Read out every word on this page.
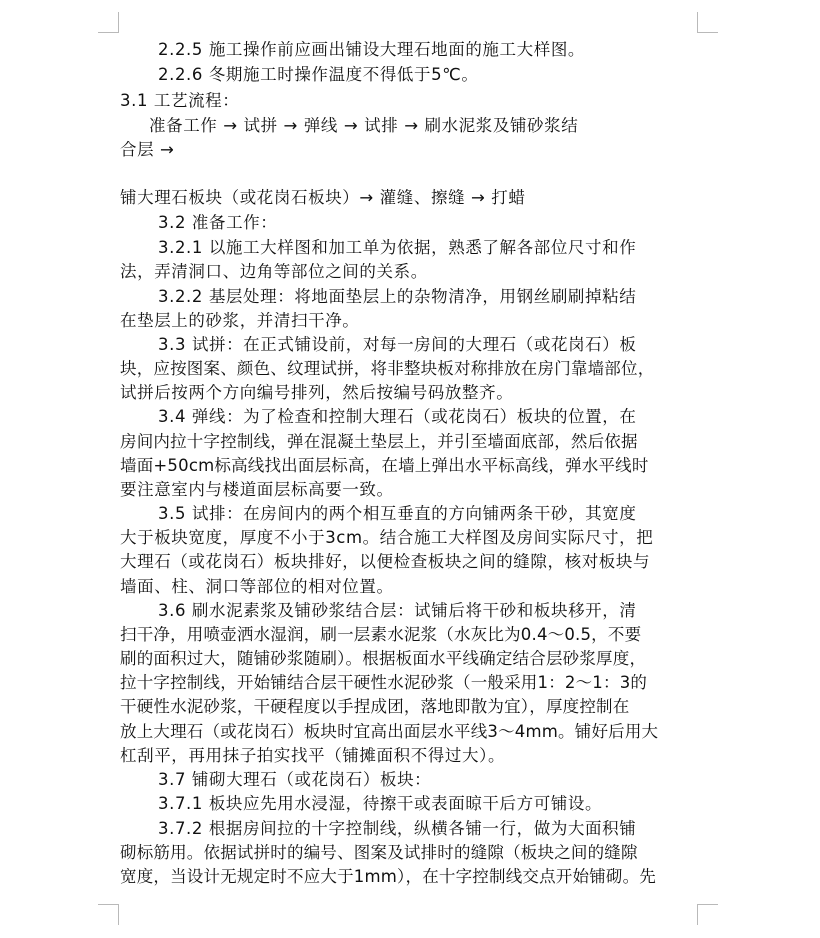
2.2.5 施工操作前应画出铺设大理石地面的施工大样图。
2.2.6 冬期施工时操作温度不得低于5℃。
3.1 工艺流程：
准备工作 → 试拼 → 弹线 → 试排 → 刷水泥浆及铺砂浆结
合层 →
铺大理石板块（或花岗石板块）→ 灌缝、擦缝 → 打蜡
3.2 准备工作：
3.2.1 以施工大样图和加工单为依据，熟悉了解各部位尺寸和作
法，弄清洞口、边角等部位之间的关系。
3.2.2 基层处理：将地面垫层上的杂物清净，用钢丝刷刷掉粘结
在垫层上的砂浆，并清扫干净。
3.3 试拼：在正式铺设前，对每一房间的大理石（或花岗石）板
块，应按图案、颜色、纹理试拼，将非整块板对称排放在房门靠墙部位，
试拼后按两个方向编号排列，然后按编号码放整齐。
3.4 弹线：为了检查和控制大理石（或花岗石）板块的位置，在
房间内拉十字控制线，弹在混凝土垫层上，并引至墙面底部，然后依据
墙面+50cm标高线找出面层标高，在墙上弹出水平标高线，弹水平线时
要注意室内与楼道面层标高要一致。
3.5 试排：在房间内的两个相互垂直的方向铺两条干砂，其宽度
大于板块宽度，厚度不小于3cm。结合施工大样图及房间实际尺寸，把
大理石（或花岗石）板块排好，以便检查板块之间的缝隙，核对板块与
墙面、柱、洞口等部位的相对位置。
3.6 刷水泥素浆及铺砂浆结合层：试铺后将干砂和板块移开，清
扫干净，用喷壶洒水湿润，刷一层素水泥浆（水灰比为0.4～0.5，不要
刷的面积过大，随铺砂浆随刷）。根据板面水平线确定结合层砂浆厚度，
拉十字控制线，开始铺结合层干硬性水泥砂浆（一般采用1：2～1：3的
干硬性水泥砂浆，干硬程度以手捏成团，落地即散为宜），厚度控制在
放上大理石（或花岗石）板块时宜高出面层水平线3～4mm。铺好后用大
杠刮平，再用抹子拍实找平（铺摊面积不得过大）。
3.7 铺砌大理石（或花岗石）板块：
3.7.1 板块应先用水浸湿，待擦干或表面晾干后方可铺设。
3.7.2 根据房间拉的十字控制线，纵横各铺一行，做为大面积铺
砌标筋用。依据试拼时的编号、图案及试排时的缝隙（板块之间的缝隙
宽度，当设计无规定时不应大于1mm），在十字控制线交点开始铺砌。先
